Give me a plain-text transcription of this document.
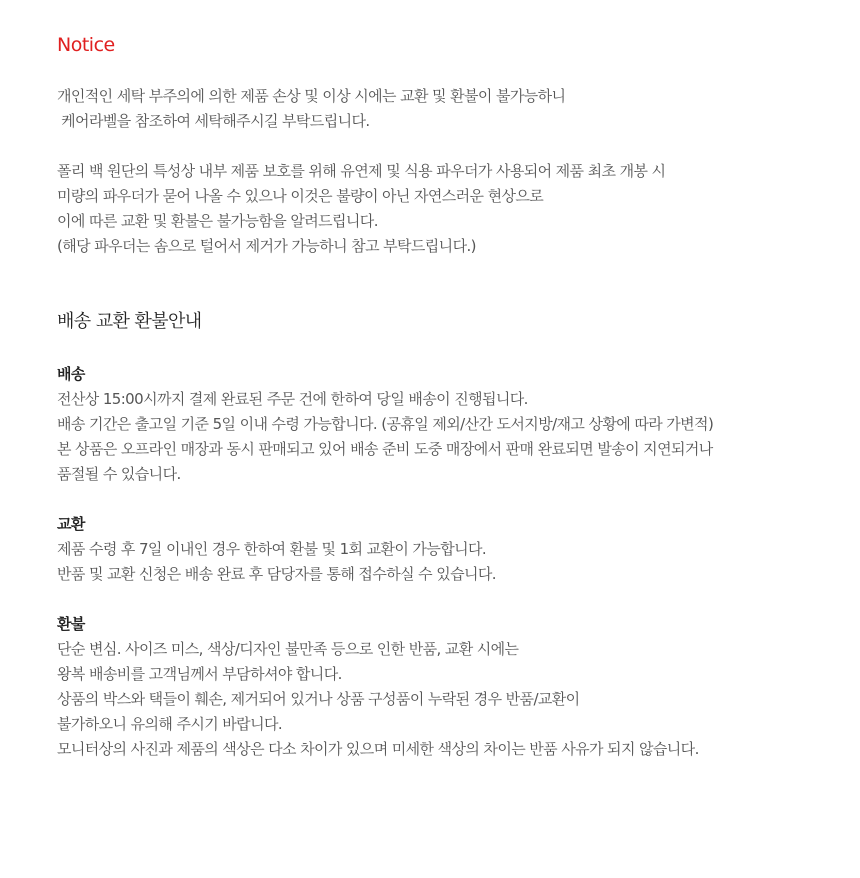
Notice
개인적인 세탁 부주의에 의한 제품 손상 및 이상 시에는 교환 및 환불이 불가능하니
케어라벨을 참조하여 세탁해주시길 부탁드립니다.
폴리 백 원단의 특성상 내부 제품 보호를 위해 유연제 및 식용 파우더가 사용되어 제품 최초 개봉 시
미량의 파우더가 묻어 나올 수 있으나 이것은 불량이 아닌 자연스러운 현상으로
이에 따른 교환 및 환불은 불가능함을 알려드립니다.
(해당 파우더는 솜으로 털어서 제거가 가능하니 참고 부탁드립니다.)
배송 교환 환불안내
배송
전산상 15:00시까지 결제 완료된 주문 건에 한하여 당일 배송이 진행됩니다.
배송 기간은 출고일 기준 5일 이내 수령 가능합니다. (공휴일 제외/산간 도서지방/재고 상황에 따라 가변적)
본 상품은 오프라인 매장과 동시 판매되고 있어 배송 준비 도중 매장에서 판매 완료되면 발송이 지연되거나
품절될 수 있습니다.
교환
제품 수령 후 7일 이내인 경우 한하여 환불 및 1회 교환이 가능합니다.
반품 및 교환 신청은 배송 완료 후 담당자를 통해 접수하실 수 있습니다.
환불
단순 변심. 사이즈 미스, 색상/디자인 불만족 등으로 인한 반품, 교환 시에는
왕복 배송비를 고객님께서 부담하셔야 합니다.
상품의 박스와 택들이 훼손, 제거되어 있거나 상품 구성품이 누락된 경우 반품/교환이
불가하오니 유의해 주시기 바랍니다.
모니터상의 사진과 제품의 색상은 다소 차이가 있으며 미세한 색상의 차이는 반품 사유가 되지 않습니다.
